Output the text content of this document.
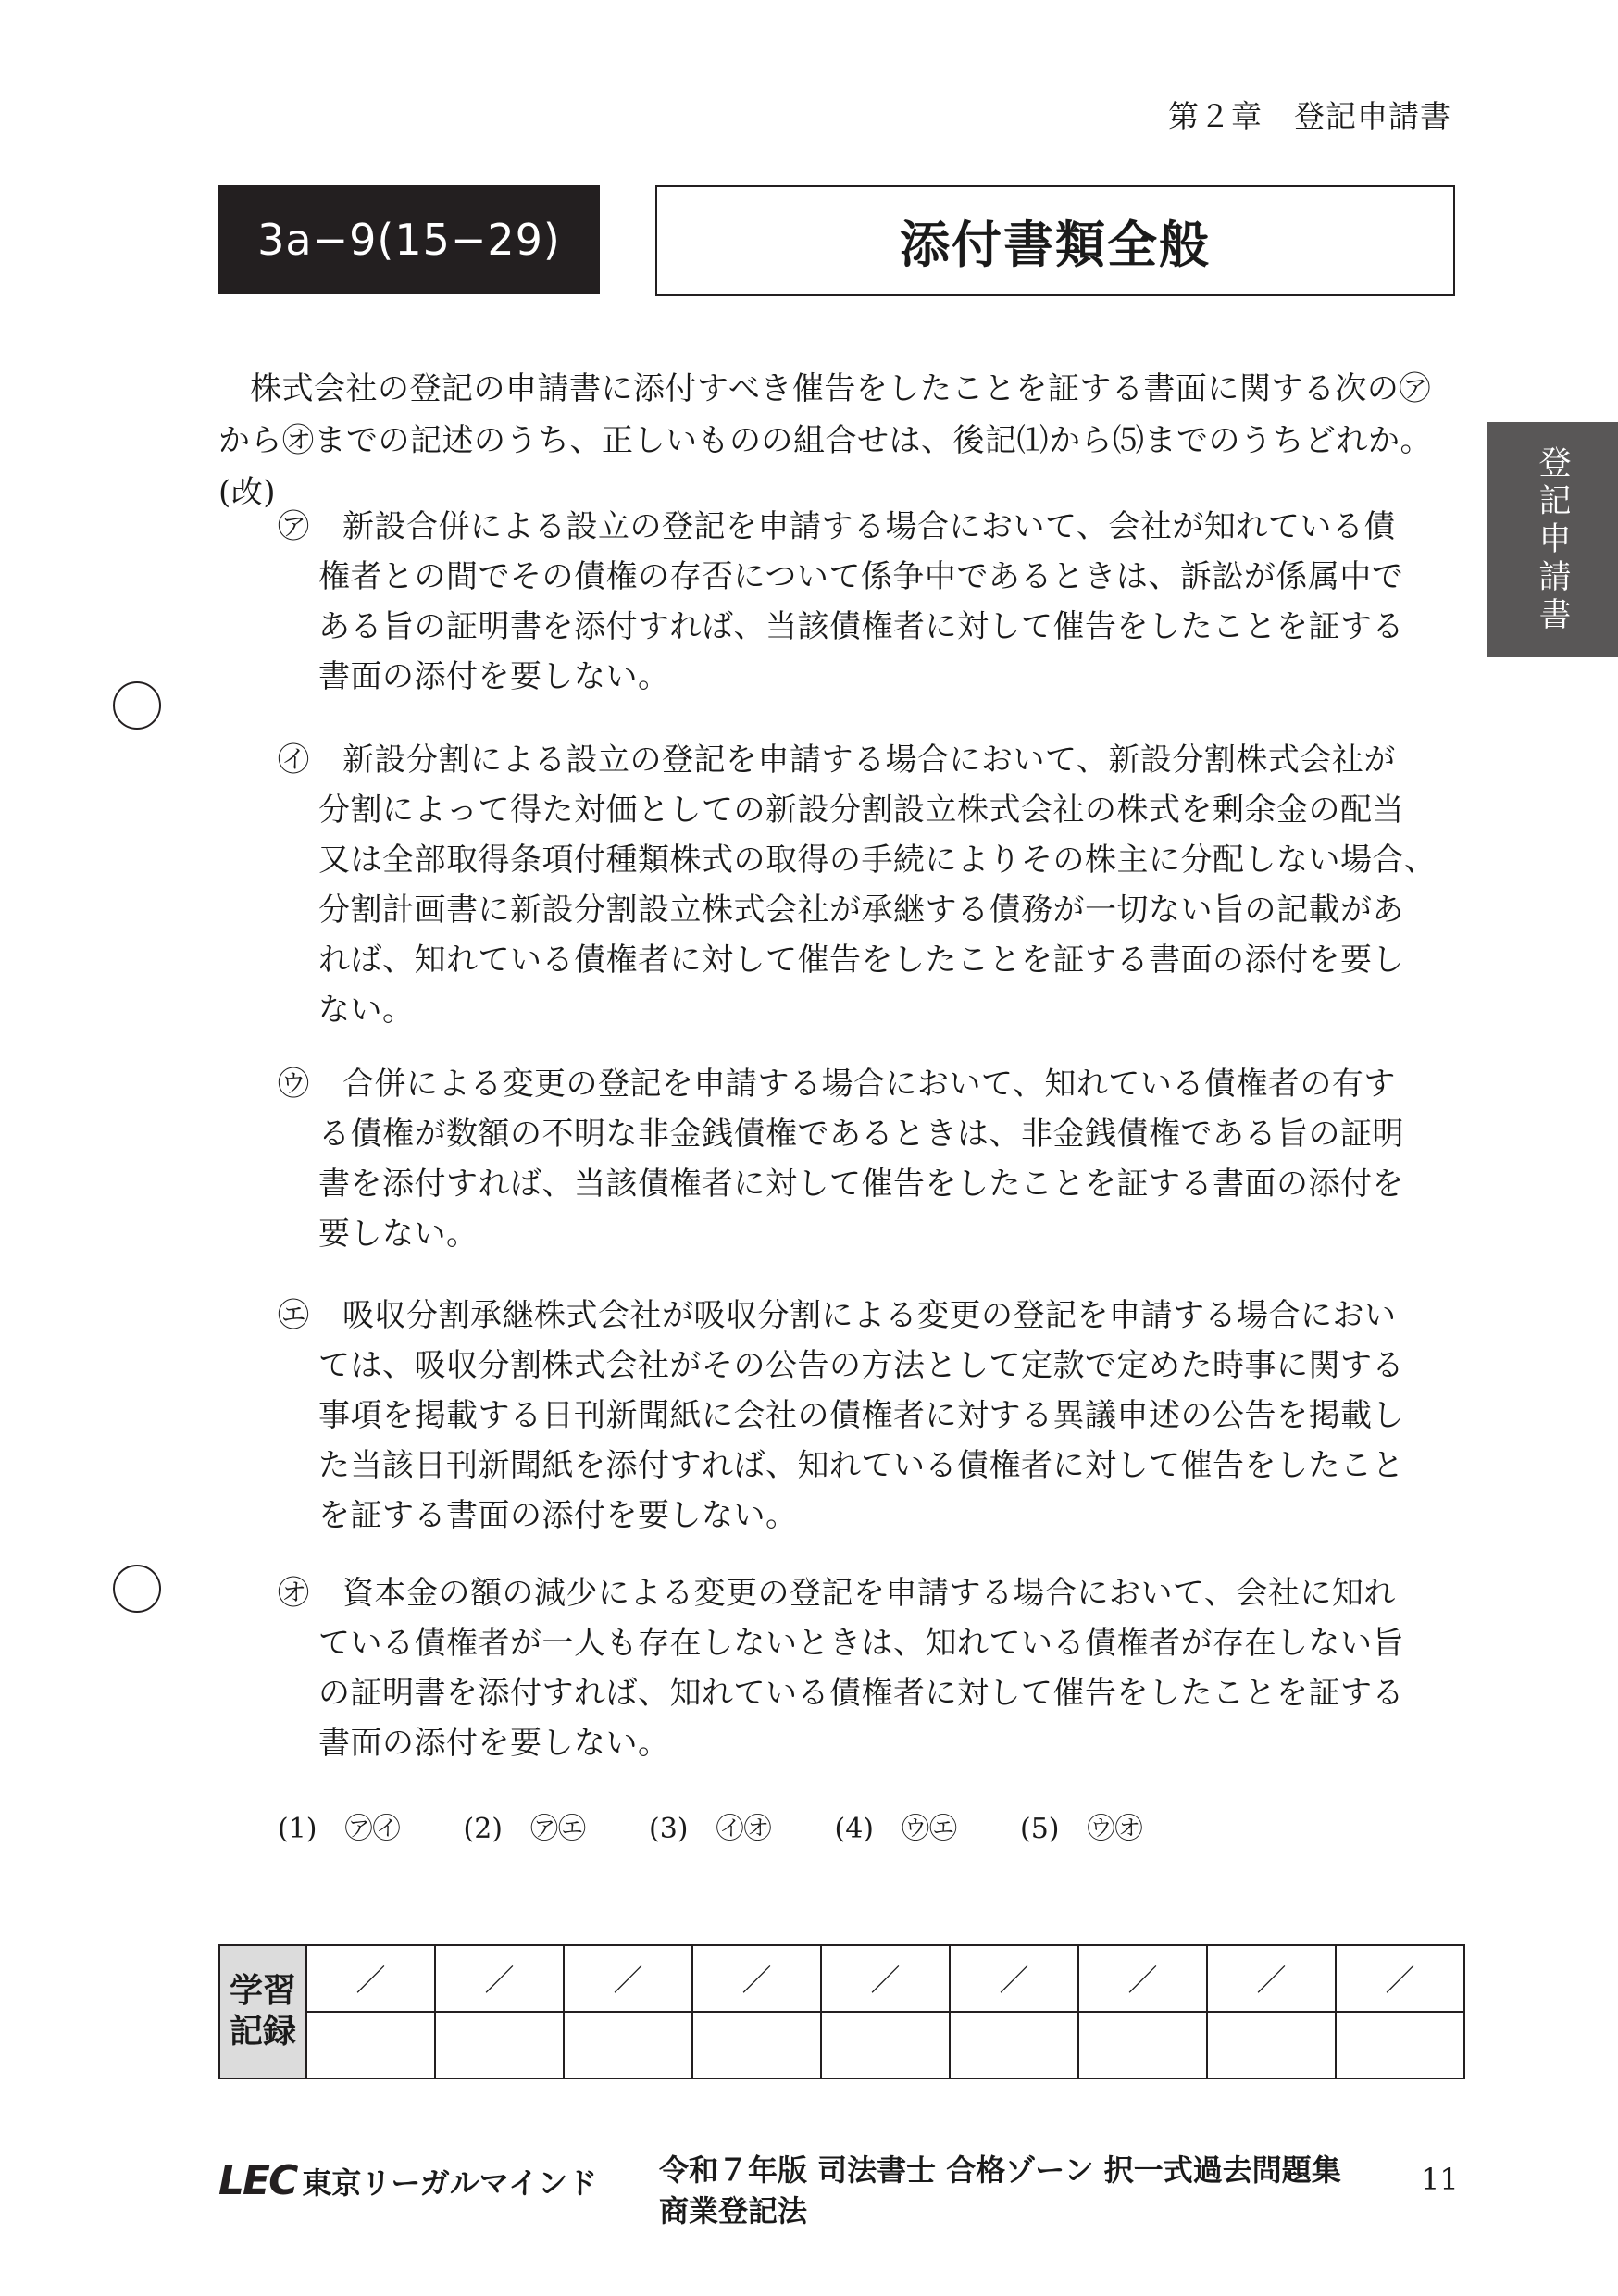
第２章　登記申請書
3a−9(15−29)	添付書類全般
登記申請書
株式会社の登記の申請書に添付すべき催告をしたことを証する書面に関する次の㋐
から㋔までの記述のうち、正しいものの組合せは、後記⑴から⑸までのうちどれか。(改)
㋐	新設合併による設立の登記を申請する場合において、会社が知れている債
権者との間でその債権の存否について係争中であるときは、訴訟が係属中で
ある旨の証明書を添付すれば、当該債権者に対して催告をしたことを証する
書面の添付を要しない。
㋑	新設分割による設立の登記を申請する場合において、新設分割株式会社が
分割によって得た対価としての新設分割設立株式会社の株式を剰余金の配当
又は全部取得条項付種類株式の取得の手続によりその株主に分配しない場合、
分割計画書に新設分割設立株式会社が承継する債務が一切ない旨の記載があ
れば、知れている債権者に対して催告をしたことを証する書面の添付を要し
ない。
㋒	合併による変更の登記を申請する場合において、知れている債権者の有す
る債権が数額の不明な非金銭債権であるときは、非金銭債権である旨の証明
書を添付すれば、当該債権者に対して催告をしたことを証する書面の添付を
要しない。
㋓	吸収分割承継株式会社が吸収分割による変更の登記を申請する場合におい
ては、吸収分割株式会社がその公告の方法として定款で定めた時事に関する
事項を掲載する日刊新聞紙に会社の債権者に対する異議申述の公告を掲載し
た当該日刊新聞紙を添付すれば、知れている債権者に対して催告をしたこと
を証する書面の添付を要しない。
㋔	資本金の額の減少による変更の登記を申請する場合において、会社に知れ
ている債権者が一人も存在しないときは、知れている債権者が存在しない旨
の証明書を添付すれば、知れている債権者に対して催告をしたことを証する
書面の添付を要しない。
(1)　㋐㋑ (2)　㋐㋓ (3)　㋑㋔ (4)　㋒㋓ (5)　㋒㋔
学習
記録	／	／	／	／	／	／	／	／	／

LEC 東京リーガルマインド 令和７年版 司法書士 合格ゾーン 択一式過去問題集
商業登記法
11
